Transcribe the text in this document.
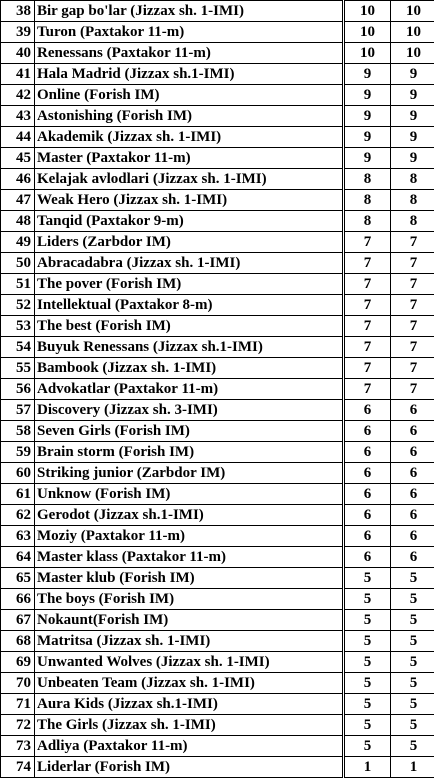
38	Bir gap bo'lar (Jizzax sh. 1-IMI)	10	10
39	Turon (Paxtakor 11-m)	10	10
40	Renessans (Paxtakor 11-m)	10	10
41	Hala Madrid (Jizzax sh.1-IMI)	9	9
42	Online (Forish IM)	9	9
43	Astonishing (Forish IM)	9	9
44	Akademik (Jizzax sh. 1-IMI)	9	9
45	Master (Paxtakor 11-m)	9	9
46	Kelajak avlodlari (Jizzax sh. 1-IMI)	8	8
47	Weak Hero (Jizzax sh. 1-IMI)	8	8
48	Tanqid (Paxtakor 9-m)	8	8
49	Liders (Zarbdor IM)	7	7
50	Abracadabra (Jizzax sh. 1-IMI)	7	7
51	The pover (Forish IM)	7	7
52	Intellektual (Paxtakor 8-m)	7	7
53	The best (Forish IM)	7	7
54	Buyuk Renessans (Jizzax sh.1-IMI)	7	7
55	Bambook (Jizzax sh. 1-IMI)	7	7
56	Advokatlar (Paxtakor 11-m)	7	7
57	Discovery (Jizzax sh. 3-IMI)	6	6
58	Seven Girls (Forish IM)	6	6
59	Brain storm (Forish IM)	6	6
60	Striking junior (Zarbdor IM)	6	6
61	Unknow (Forish IM)	6	6
62	Gerodot (Jizzax sh.1-IMI)	6	6
63	Moziy (Paxtakor 11-m)	6	6
64	Master klass (Paxtakor 11-m)	6	6
65	Master klub (Forish IM)	5	5
66	The boys (Forish IM)	5	5
67	Nokaunt(Forish IM)	5	5
68	Matritsa (Jizzax sh. 1-IMI)	5	5
69	Unwanted Wolves (Jizzax sh. 1-IMI)	5	5
70	Unbeaten Team (Jizzax sh. 1-IMI)	5	5
71	Aura Kids (Jizzax sh.1-IMI)	5	5
72	The Girls (Jizzax sh. 1-IMI)	5	5
73	Adliya (Paxtakor 11-m)	5	5
74	Liderlar (Forish IM)	1	1
